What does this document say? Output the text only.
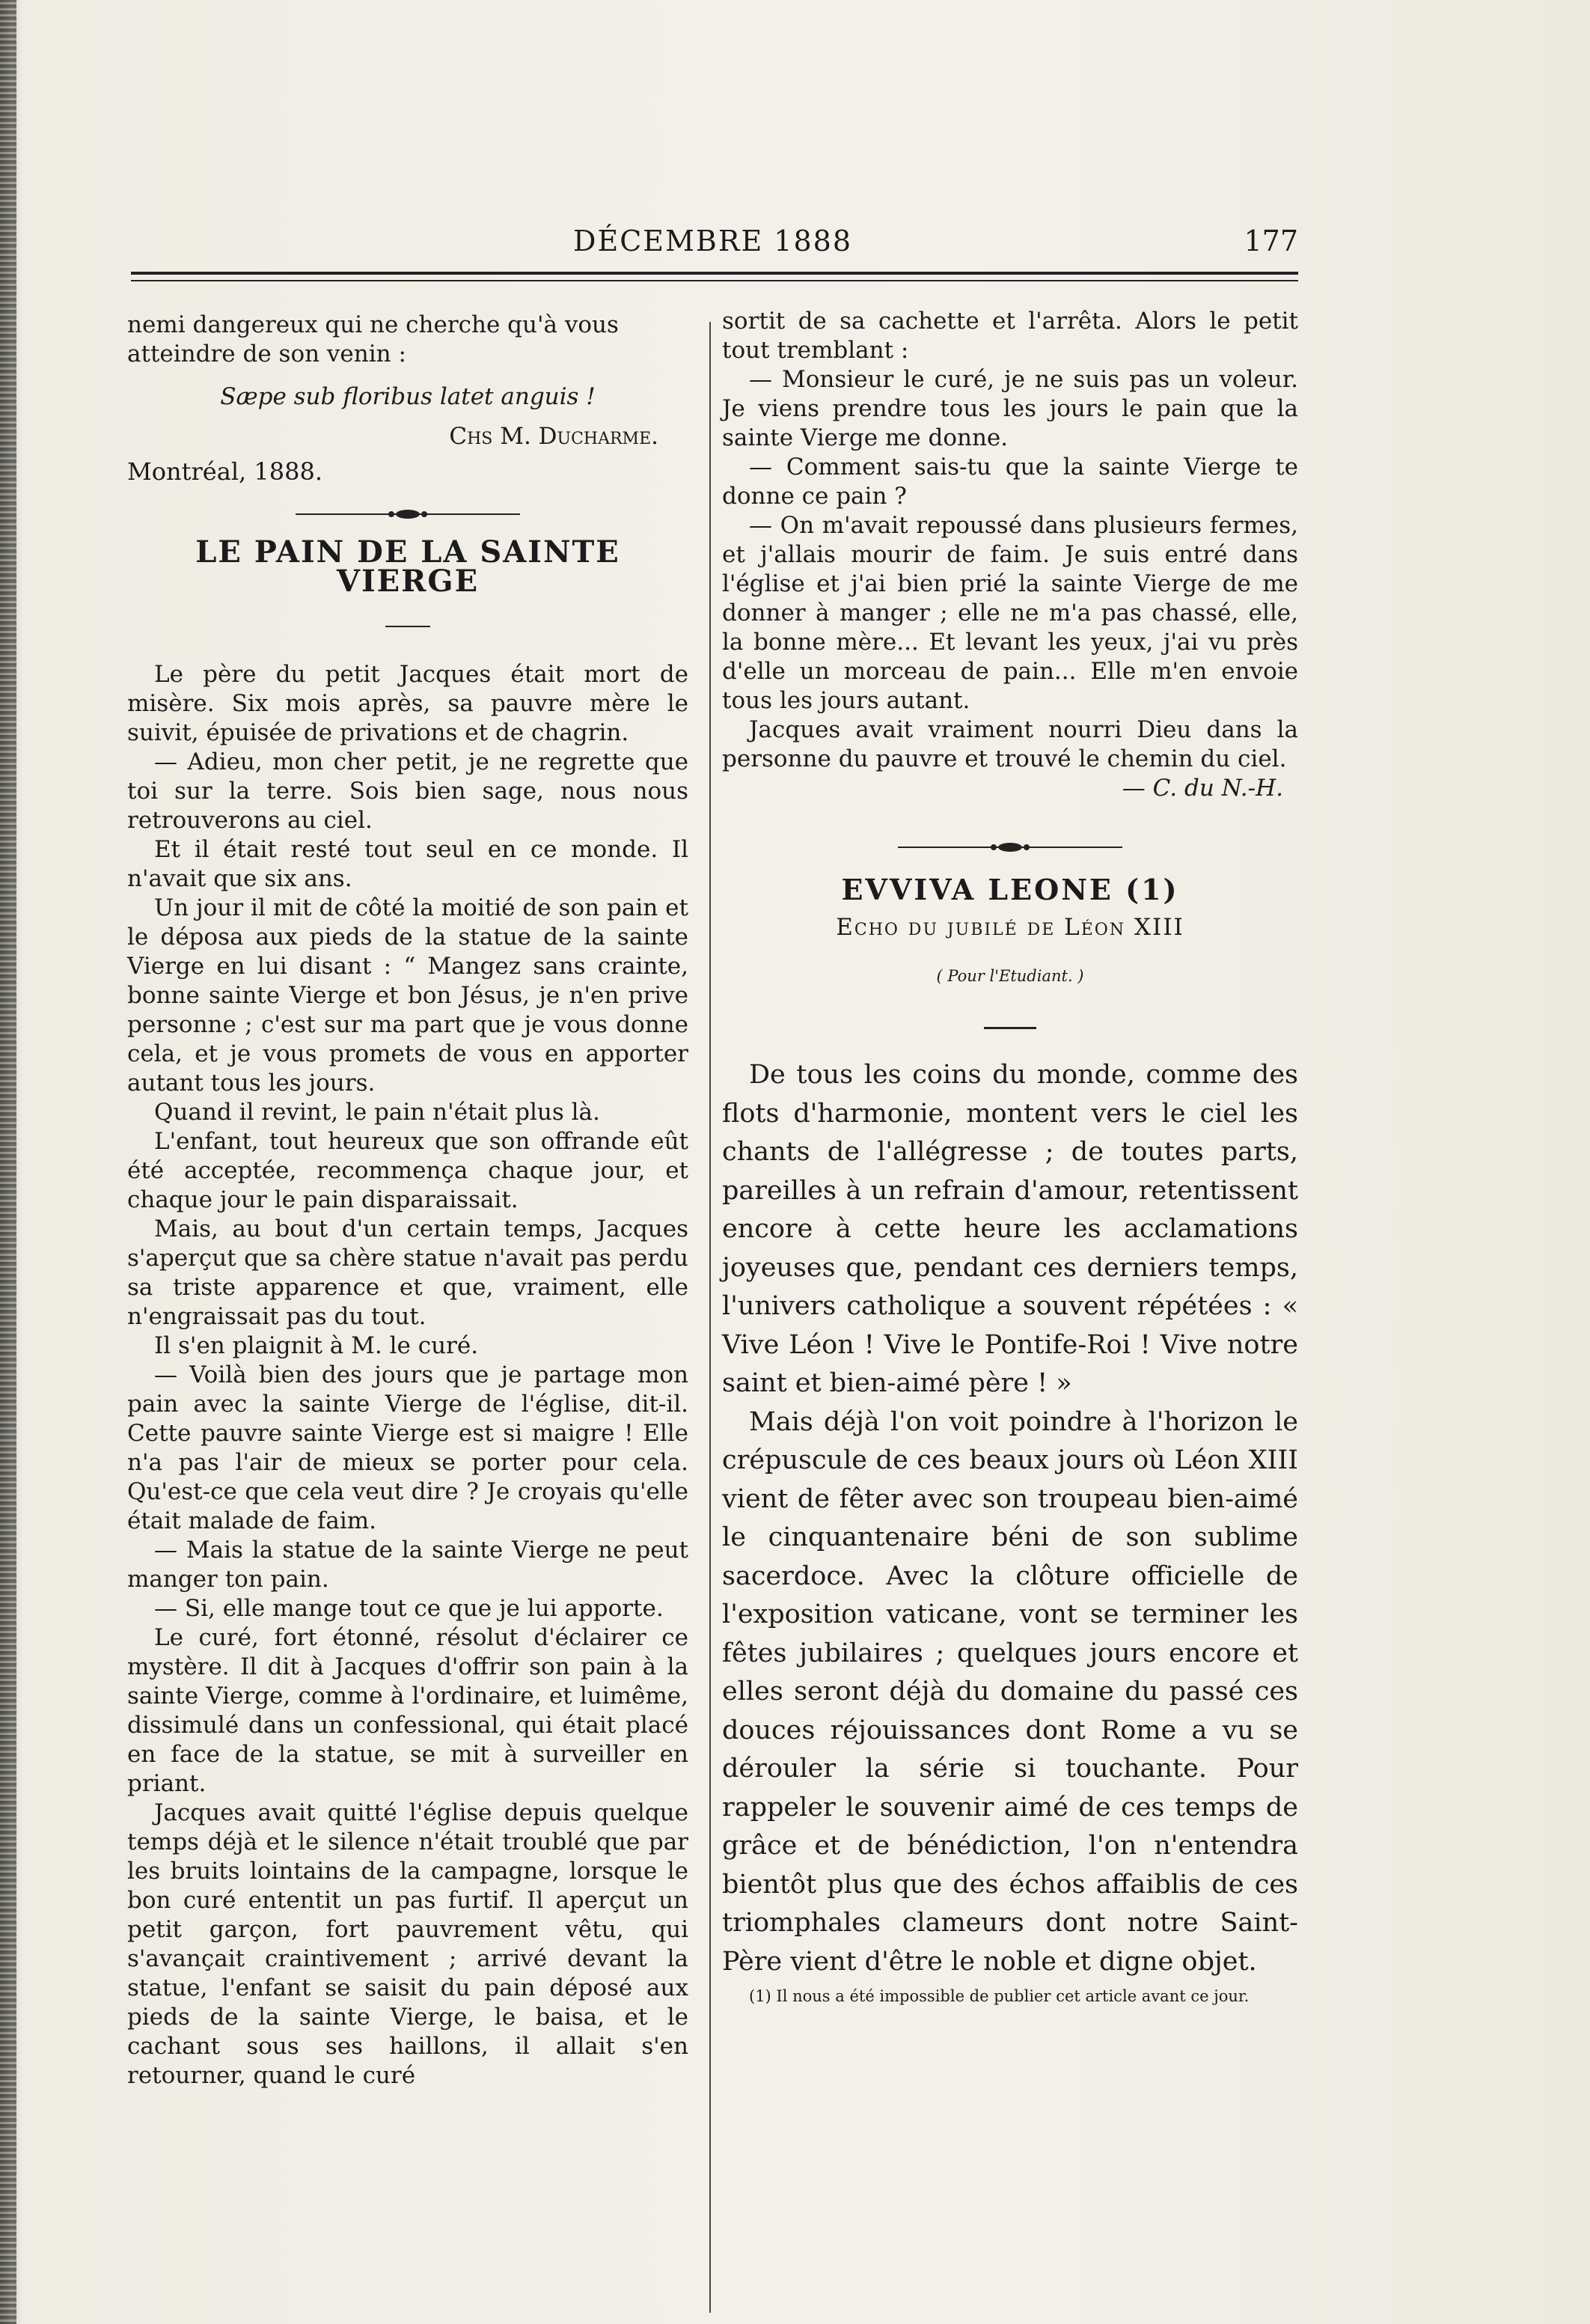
DÉCEMBRE 1888	177
nemi dangereux qui ne cherche qu'à vous
atteindre de son venin :
Sæpe sub floribus latet anguis !
Chs M. Ducharme.
Montréal, 1888.
LE PAIN DE LA SAINTE VIERGE

Le père du petit Jacques était mort de misère. Six mois après, sa pauvre mère le suivit, épuisée de privations et de chagrin.

— Adieu, mon cher petit, je ne regrette que toi sur la terre. Sois bien sage, nous nous retrouverons au ciel.

Et il était resté tout seul en ce monde. Il n'avait que six ans.

Un jour il mit de côté la moitié de son pain et le déposa aux pieds de la statue de la sainte Vierge en lui disant : “ Mangez sans crainte, bonne sainte Vierge et bon Jésus, je n'en prive personne ; c'est sur ma part que je vous donne cela, et je vous promets de vous en apporter autant tous les jours.

Quand il revint, le pain n'était plus là.

L'enfant, tout heureux que son offrande eût été acceptée, recommença chaque jour, et chaque jour le pain disparaissait.

Mais, au bout d'un certain temps, Jacques s'aperçut que sa chère statue n'avait pas perdu sa triste apparence et que, vraiment, elle n'engraissait pas du tout.

Il s'en plaignit à M. le curé.

— Voilà bien des jours que je partage mon pain avec la sainte Vierge de l'église, dit-il. Cette pauvre sainte Vierge est si maigre ! Elle n'a pas l'air de mieux se porter pour cela. Qu'est-ce que cela veut dire ? Je croyais qu'elle était malade de faim.

— Mais la statue de la sainte Vierge ne peut manger ton pain.

— Si, elle mange tout ce que je lui apporte.

Le curé, fort étonné, résolut d'éclairer ce mystère. Il dit à Jacques d'offrir son pain à la sainte Vierge, comme à l'ordinaire, et luimême, dissimulé dans un confessional, qui était placé en face de la statue, se mit à surveiller en priant.

Jacques avait quitté l'église depuis quelque temps déjà et le silence n'était troublé que par les bruits lointains de la campagne, lorsque le bon curé ententit un pas furtif. Il aperçut un petit garçon, fort pauvrement vêtu, qui s'avançait craintivement ; arrivé devant la statue, l'enfant se saisit du pain déposé aux pieds de la sainte Vierge, le baisa, et le cachant sous ses haillons, il allait s'en retourner, quand le curé

sortit de sa cachette et l'arrêta. Alors le petit tout tremblant :

— Monsieur le curé, je ne suis pas un voleur. Je viens prendre tous les jours le pain que la sainte Vierge me donne.

— Comment sais-tu que la sainte Vierge te donne ce pain ?

— On m'avait repoussé dans plusieurs fermes, et j'allais mourir de faim. Je suis entré dans l'église et j'ai bien prié la sainte Vierge de me donner à manger ; elle ne m'a pas chassé, elle, la bonne mère... Et levant les yeux, j'ai vu près d'elle un morceau de pain... Elle m'en envoie tous les jours autant.

Jacques avait vraiment nourri Dieu dans la personne du pauvre et trouvé le chemin du ciel.

— C. du N.-H.
EVVIVA LEONE (1)
Echo du jubilé de Léon XIII
( Pour l'Etudiant. )

De tous les coins du monde, comme des flots d'harmonie, montent vers le ciel les chants de l'allégresse ; de toutes parts, pareilles à un refrain d'amour, retentissent encore à cette heure les acclamations joyeuses que, pendant ces derniers temps, l'univers catholique a souvent répétées : « Vive Léon ! Vive le Pontife-Roi ! Vive notre saint et bien-aimé père ! »

Mais déjà l'on voit poindre à l'horizon le crépuscule de ces beaux jours où Léon XIII vient de fêter avec son troupeau bien-aimé le cinquantenaire béni de son sublime sacerdoce. Avec la clôture officielle de l'exposition vaticane, vont se terminer les fêtes jubilaires ; quelques jours encore et elles seront déjà du domaine du passé ces douces réjouissances dont Rome a vu se dérouler la série si touchante. Pour rappeler le souvenir aimé de ces temps de grâce et de bénédiction, l'on n'entendra bientôt plus que des échos affaiblis de ces triomphales clameurs dont notre Saint-Père vient d'être le noble et digne objet.

(1) Il nous a été impossible de publier cet article avant ce jour.
